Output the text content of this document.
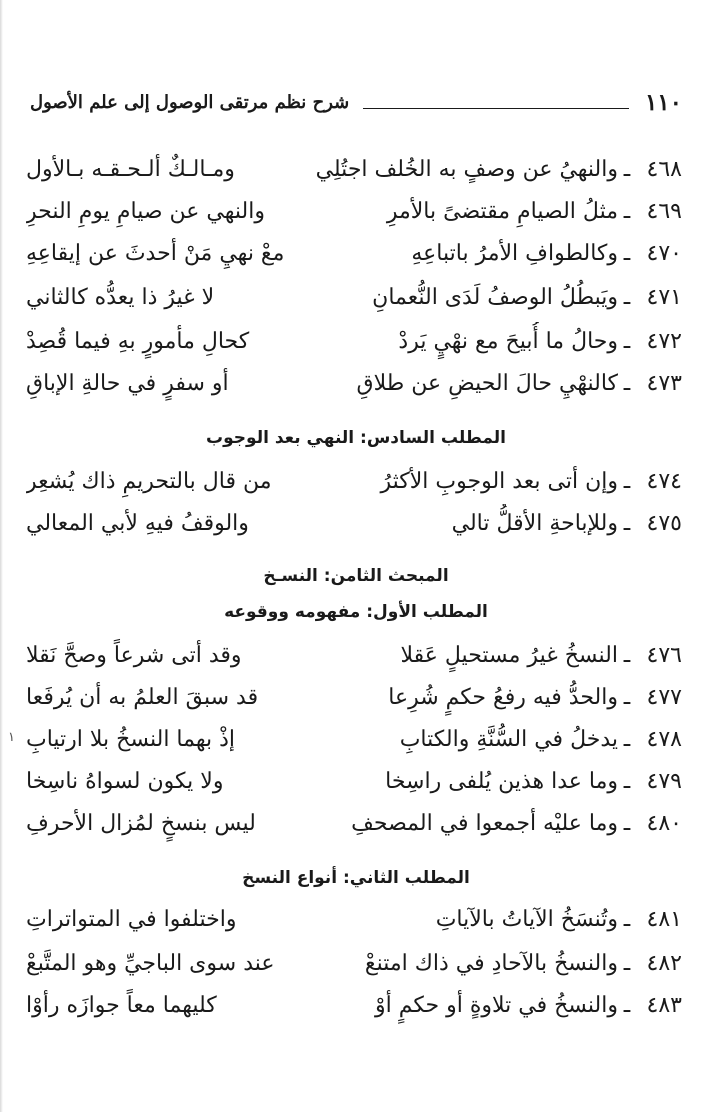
١١٠
شرح نظم مرتقى الوصول إلى علم الأصول
٤٦٨
ـ
والنهيُ عن وصفٍ به الخُلف اجتُلِي
ومـالـكٌ ألـحـقـه بـالأول
٤٦٩
ـ
مثلُ الصيامِ مقتضىً بالأمرِ
والنهي عن صيامِ يومِ النحرِ
٤٧٠
ـ
وكالطوافِ الأمرُ باتباعِهِ
معْ نهيِ مَنْ أحدثَ عن إيقاعِهِ
٤٧١
ـ
ويَبطُلُ الوصفُ لَدَى النُّعمانِ
لا غيرُ ذا يعدُّه كالثاني
٤٧٢
ـ
وحالُ ما أُبيحَ مع نهْيٍ يَردْ
كحالِ مأمورٍ بهِ فيما قُصِدْ
٤٧٣
ـ
كالنهْيِ حالَ الحيضِ عن طلاقِ
أو سفرٍ في حالةِ الإباقِ
المطلب السادس: النهي بعد الوجوب
٤٧٤
ـ
وإن أتى بعد الوجوبِ الأكثرُ
من قال بالتحريمِ ذاك يُشعِر
٤٧٥
ـ
وللإباحةِ الأقلُّ تالي
والوقفُ فيهِ لأبي المعالي
المبحث الثامن: النسـخ
المطلب الأول: مفهومه ووقوعه
٤٧٦
ـ
النسخُ غيرُ مستحيلٍ عَقلا
وقد أتى شرعاً وصحَّ نَقلا
٤٧٧
ـ
والحدُّ فيه رفعُ حكمٍ شُرِعا
قد سبقَ العلمُ به أن يُرفَعا
٤٧٨
ـ
يدخلُ في السُّنَّةِ والكتابِ
إذْ بهما النسخُ بلا ارتيابِ
٤٧٩
ـ
وما عدا هذين يُلفى راسِخا
ولا يكون لسواهُ ناسِخا
٤٨٠
ـ
وما عليْه أجمعوا في المصحفِ
ليس بنسخٍ لمُزال الأحرفِ
المطلب الثاني: أنواع النسخ
٤٨١
ـ
وتُنسَخُ الآياتُ بالآياتِ
واختلفوا في المتواتراتِ
٤٨٢
ـ
والنسخُ بالآحادِ في ذاك امتنعْ
عند سوى الباجيِّ وهو المتَّبعْ
٤٨٣
ـ
والنسخُ في تلاوةٍ أو حكمٍ أوْ
كليهما معاً جوازَه رأوْا
١
